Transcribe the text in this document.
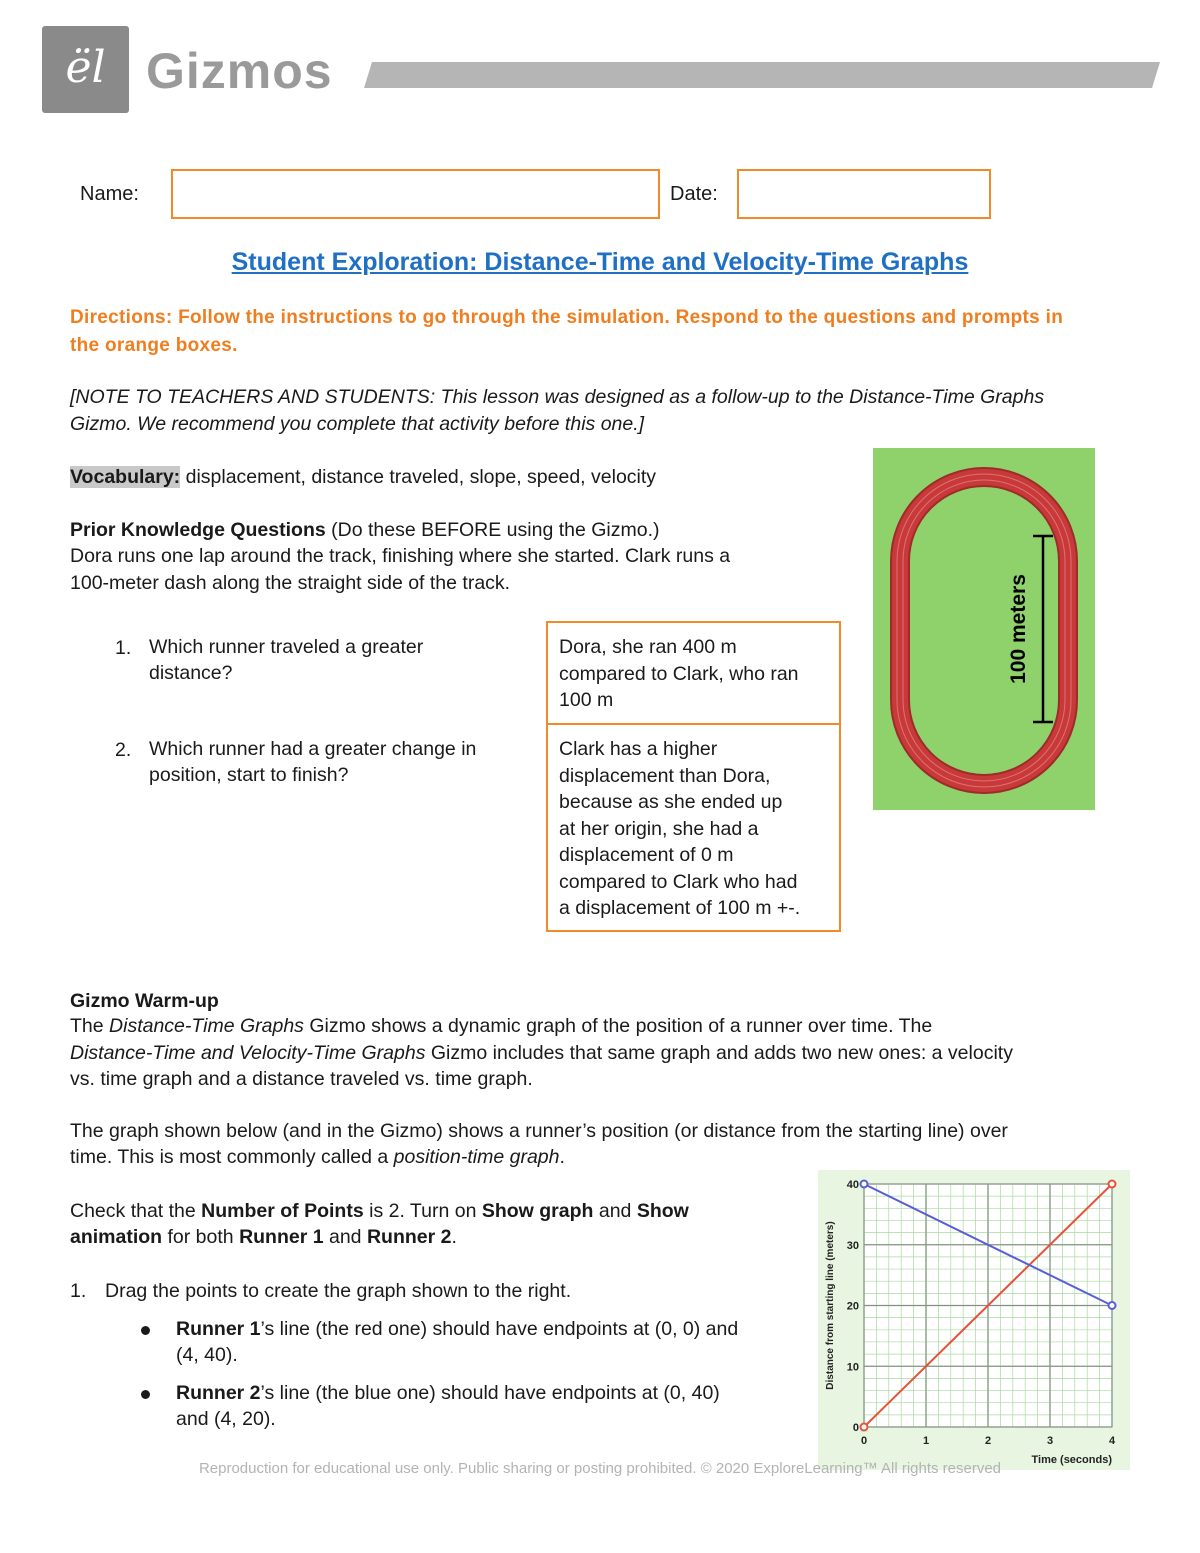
ël Gizmos
Name:	Date:
Student Exploration: Distance-Time and Velocity-Time Graphs
Directions: Follow the instructions to go through the simulation. Respond to the questions and prompts in the orange boxes.
[NOTE TO TEACHERS AND STUDENTS: This lesson was designed as a follow-up to the Distance-Time Graphs Gizmo. We recommend you complete that activity before this one.]
Vocabulary: displacement, distance traveled, slope, speed, velocity
Prior Knowledge Questions (Do these BEFORE using the Gizmo.)
Dora runs one lap around the track, finishing where she started. Clark runs a
100-meter dash along the straight side of the track.
1. Which runner traveled a greater
distance?
Dora, she ran 400 m
compared to Clark, who ran
100 m
2. Which runner had a greater change in
position, start to finish?
Clark has a higher
displacement than Dora,
because as she ended up
at her origin, she had a
displacement of 0 m
compared to Clark who had
a displacement of 100 m +-.
100 meters
Gizmo Warm-up
The Distance-Time Graphs Gizmo shows a dynamic graph of the position of a runner over time. The
Distance-Time and Velocity-Time Graphs Gizmo includes that same graph and adds two new ones: a velocity
vs. time graph and a distance traveled vs. time graph.
The graph shown below (and in the Gizmo) shows a runner’s position (or distance from the starting line) over
time. This is most commonly called a position-time graph.
Check that the Number of Points is 2. Turn on Show graph and Show
animation for both Runner 1 and Runner 2.
1. Drag the points to create the graph shown to the right.
Runner 1’s line (the red one) should have endpoints at (0, 0) and
(4, 40).
Runner 2’s line (the blue one) should have endpoints at (0, 40)
and (4, 20).
0	1	2	3	4
0
10
20
30
40
Time (seconds)
Distance from starting line (meters)
Reproduction for educational use only. Public sharing or posting prohibited. © 2020 ExploreLearning™ All rights reserved
